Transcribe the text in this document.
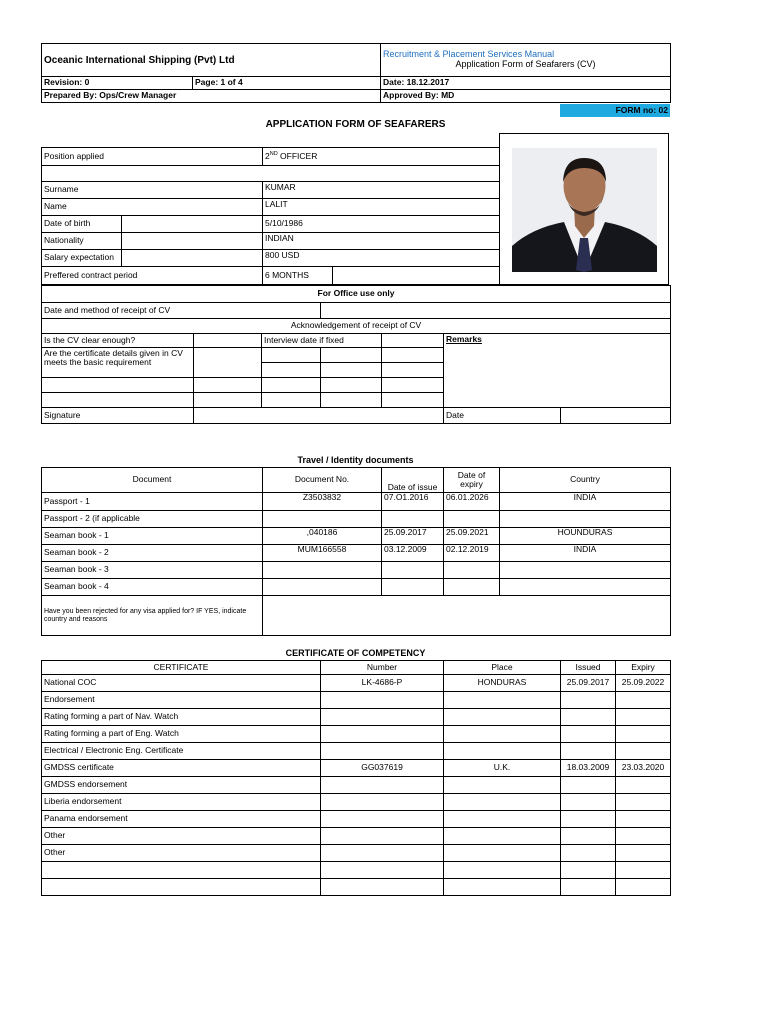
Oceanic International Shipping (Pvt) Ltd		Recruitment & Placement Services Manual
Application Form of Seafarers (CV)

Revision: 0	Page: 1 of 4	Date: 18.12.2017
Prepared By: Ops/Crew Manager		Approved By: MD
FORM no: 02
APPLICATION FORM OF SEAFARERS
Position applied	2ND OFFICER

Surname	KUMAR
Name	LALIT
Date of birth		5/10/1986
Nationality		INDIAN
Salary expectation		800 USD
Preffered contract period		6 MONTHS	
For Office use only						
Date and method of receipt of CV						
Acknowledgement of receipt of CV						
Is the CV clear enough?		Interview date if fixed			Remarks	
Are the certificate details given in CV meets the basic requirement						

Signature					Date	
Travel / Identity documents
Document	Document No.	Date of issue	Date of expiry	Country
Passport - 1	Z3503832	07.O1.2016	06.01.2026	INDIA
Passport - 2 (if applicable				
Seaman book - 1	,040186	25.09.2017	25.09.2021	HOUNDURAS
Seaman book - 2	MUM166558	03.12.2009	02.12.2019	INDIA
Seaman book - 3				
Seaman book - 4				
Have you been rejected for any visa applied for? IF YES, indicate country and reasons				
CERTIFICATE OF COMPETENCY
CERTIFICATE	Number	Place	Issued	Expiry
National COC	LK-4686-P	HONDURAS	25.09.2017	25.09.2022
Endorsement				
Rating forming a part of Nav. Watch				
Rating forming a part of Eng. Watch				
Electrical / Electronic Eng. Certificate				
GMDSS certificate	GG037619	U.K.	18.03.2009	23.03.2020
GMDSS endorsement				
Liberia endorsement				
Panama endorsement				
Other				
Other				
